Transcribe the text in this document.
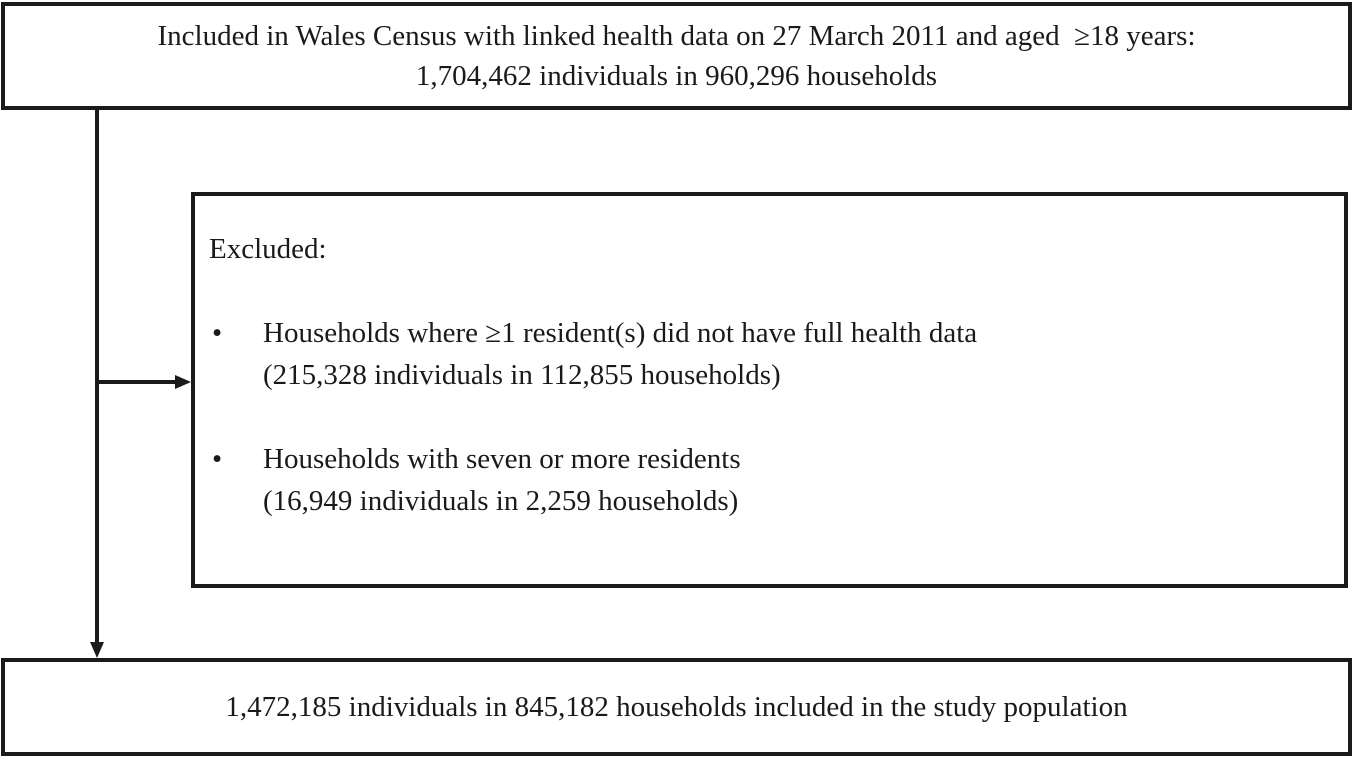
Included in Wales Census with linked health data on 27 March 2011 and aged  ≥18 years:
1,704,462 individuals in 960,296 households
Excluded:
• Households where ≥1 resident(s) did not have full health data
(215,328 individuals in 112,855 households)
• Households with seven or more residents
(16,949 individuals in 2,259 households)
1,472,185 individuals in 845,182 households included in the study population
